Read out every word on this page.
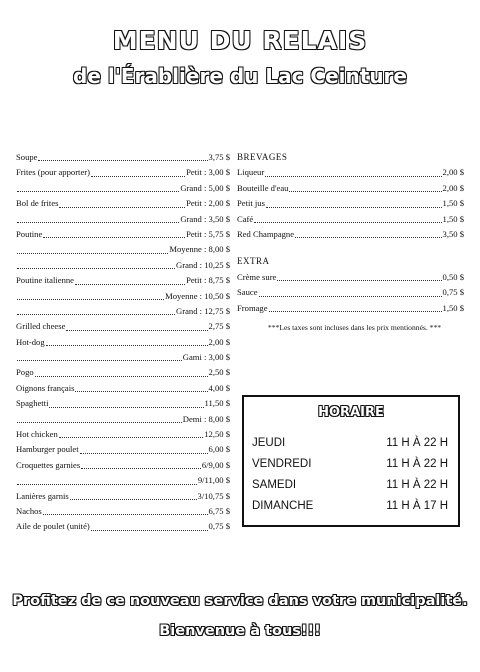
MENU DU RELAIS
de l'Érablière du Lac Ceinture
Soupe	3,75 $
Frites (pour apporter)	Petit : 3,00 $
Grand : 5,00 $
Bol de frites	Petit : 2,00 $
Grand : 3,50 $
Poutine	Petit : 5,75 $
Moyenne : 8,00 $
Grand : 10,25 $
Poutine italienne	Petit : 8,75 $
Moyenne : 10,50 $
Grand : 12,75 $
Grilled cheese	2,75 $
Hot-dog	2,00 $
Gami : 3,00 $
Pogo	2,50 $
Oignons français	4,00 $
Spaghetti	11,50 $
Demi : 8,00 $
Hot chicken	12,50 $
Hamburger poulet	6,00 $
Croquettes garnies	6/9,00 $
9/11,00 $
Lanières garnis	3/10,75 $
Nachos	6,75 $
Aile de poulet (unité)	0,75 $
BREVAGES
Liqueur	2,00 $
Bouteille d'eau	2,00 $
Petit jus	1,50 $
Café	1,50 $
Red Champagne	3,50 $
EXTRA
Crème sure	0,50 $
Sauce	0,75 $
Fromage	1,50 $
***Les taxes sont incluses dans les prix mentionnés. ***
HORAIRE
JEUDI	11 H À 22 H
VENDREDI	11 H À 22 H
SAMEDI	11 H À 22 H
DIMANCHE	11 H À 17 H
Profitez de ce nouveau service dans votre municipalité.
Bienvenue à tous!!!
